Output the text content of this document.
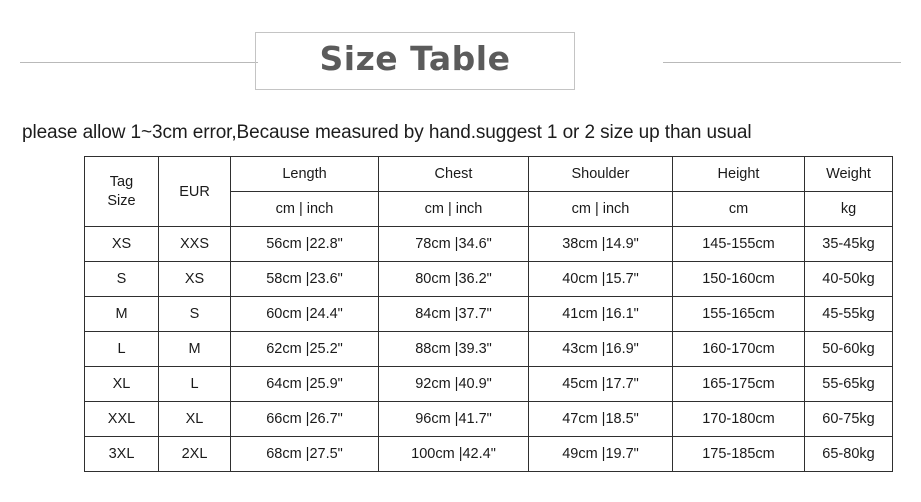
Size Table
please allow 1~3cm error,Because measured by hand.suggest 1 or 2 size up than usual
Tag
Size	EUR	Length	Chest	Shoulder	Height	Weight
		cm | inch	cm | inch	cm | inch	cm	kg
XS	XXS	56cm |22.8"	78cm |34.6"	38cm |14.9"	145-155cm	35-45kg
S	XS	58cm |23.6"	80cm |36.2"	40cm |15.7"	150-160cm	40-50kg
M	S	60cm |24.4"	84cm |37.7"	41cm |16.1"	155-165cm	45-55kg
L	M	62cm |25.2"	88cm |39.3"	43cm |16.9"	160-170cm	50-60kg
XL	L	64cm |25.9"	92cm |40.9"	45cm |17.7"	165-175cm	55-65kg
XXL	XL	66cm |26.7"	96cm |41.7"	47cm |18.5"	170-180cm	60-75kg
3XL	2XL	68cm |27.5"	100cm |42.4"	49cm |19.7"	175-185cm	65-80kg
